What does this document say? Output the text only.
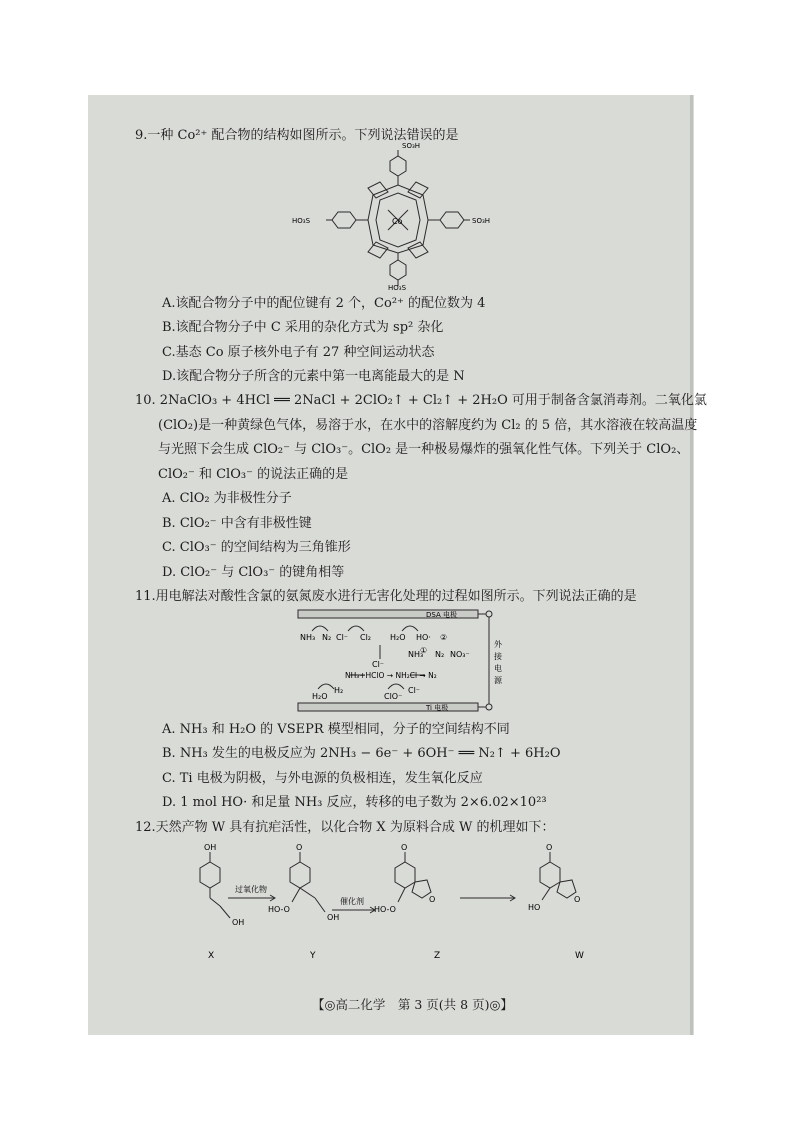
9.一种 Co²⁺ 配合物的结构如图所示。下列说法错误的是
Co
SO₃H
HO₃S	SO₃H
HO₃S
A.该配合物分子中的配位键有 2 个，Co²⁺ 的配位数为 4
B.该配合物分子中 C 采用的杂化方式为 sp² 杂化
C.基态 Co 原子核外电子有 27 种空间运动状态
D.该配合物分子所含的元素中第一电离能最大的是 N
10. 2NaClO₃ + 4HCl ══ 2NaCl + 2ClO₂↑ + Cl₂↑ + 2H₂O 可用于制备含氯消毒剂。二氧化氯
(ClO₂)是一种黄绿色气体，易溶于水，在水中的溶解度约为 Cl₂ 的 5 倍，其水溶液在较高温度
与光照下会生成 ClO₂⁻ 与 ClO₃⁻。ClO₂ 是一种极易爆炸的强氧化性气体。下列关于 ClO₂、
ClO₂⁻ 和 ClO₃⁻ 的说法正确的是
A. ClO₂ 为非极性分子
B. ClO₂⁻ 中含有非极性键
C. ClO₃⁻ 的空间结构为三角锥形
D. ClO₂⁻ 与 ClO₃⁻ 的键角相等
11.用电解法对酸性含氯的氨氮废水进行无害化处理的过程如图所示。下列说法正确的是
DSA 电极
Ti 电极
外
接
电
源
NH₃ N₂ Cl⁻ Cl₂ H₂O HO·
NH₃ N₂ NO₃⁻
①
②
Cl⁻
NH₃+HClO → NH₂Cl → N₂
H₂O
H₂
ClO⁻
Cl⁻
A. NH₃ 和 H₂O 的 VSEPR 模型相同，分子的空间结构不同
B. NH₃ 发生的电极反应为 2NH₃ − 6e⁻ + 6OH⁻ ══ N₂↑ + 6H₂O
C. Ti 电极为阴极，与外电源的负极相连，发生氧化反应
D. 1 mol HO· 和足量 NH₃ 反应，转移的电子数为 2×6.02×10²³
12.天然产物 W 具有抗疟活性，以化合物 X 为原料合成 W 的机理如下：
OH
OH
O
HO-O
OH
O
HO-O
O
O
HO
O
过氧化物
催化剂
X	Y	Z	W
【◎高二化学　第 3 页(共 8 页)◎】
